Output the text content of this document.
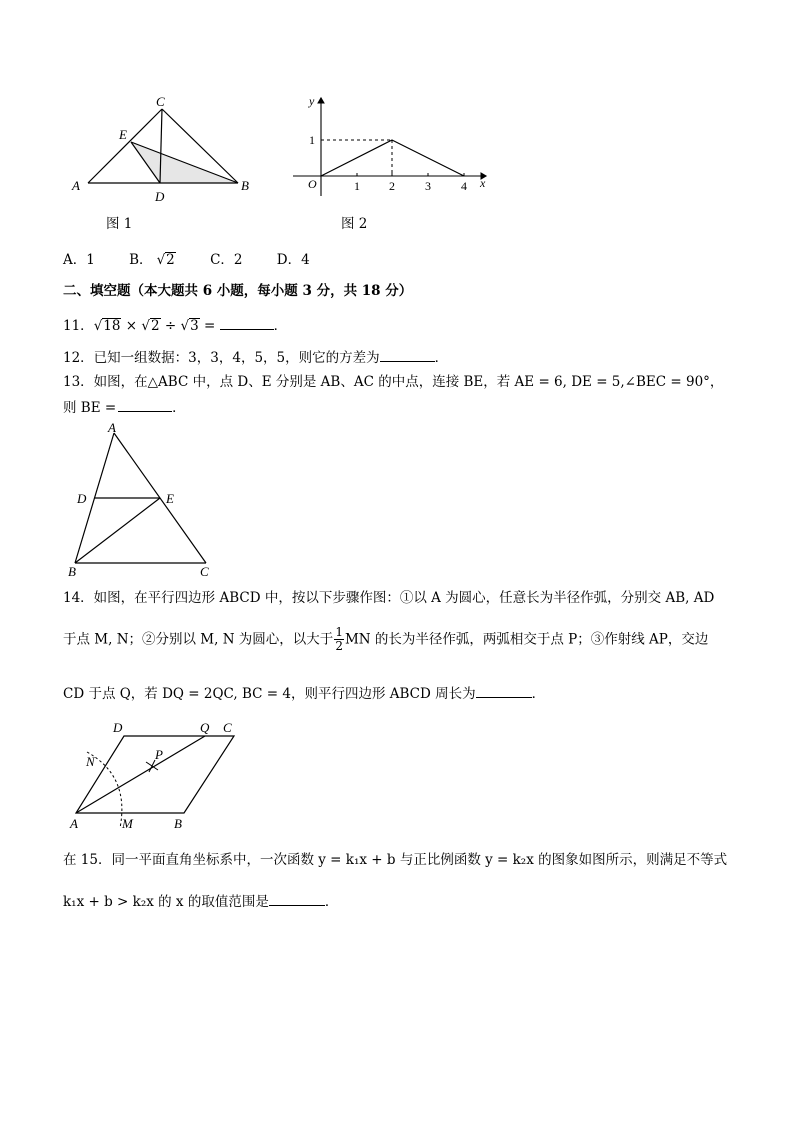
C
E
A
D
B
图 1
y
1
O	1 2	3	4 x
图 2
A．1	B． √2	C．2	D．4
二、填空题（本大题共 6 小题，每小题 3 分，共 18 分）
11．√18 × √2 ÷ √3 =	．
12．已知一组数据：3，3，4，5，5，则它的方差为	．
13．如图，在△ABC 中，点 D、E 分别是 AB、AC 的中点，连接 BE，若 AE = 6, DE = 5,∠BEC = 90°，
则 BE =	．
A
D	E
B	C
14．如图，在平行四边形 ABCD 中，按以下步骤作图：①以 A 为圆心，任意长为半径作弧，分别交 AB, AD
于点 M, N；②分别以 M, N 为圆心，以大于 $\frac{1}{2}$ MN 的长为半径作弧，两弧相交于点 P；③作射线 AP，交边
CD 于点 Q，若 DQ = 2QC, BC = 4，则平行四边形 ABCD 周长为	．
D	Q C
N	P
A	M	B
在 15．同一平面直角坐标系中，一次函数 y = k₁x + b 与正比例函数 y = k₂x 的图象如图所示，则满足不等式
k₁x + b > k₂x 的 x 的取值范围是	．
